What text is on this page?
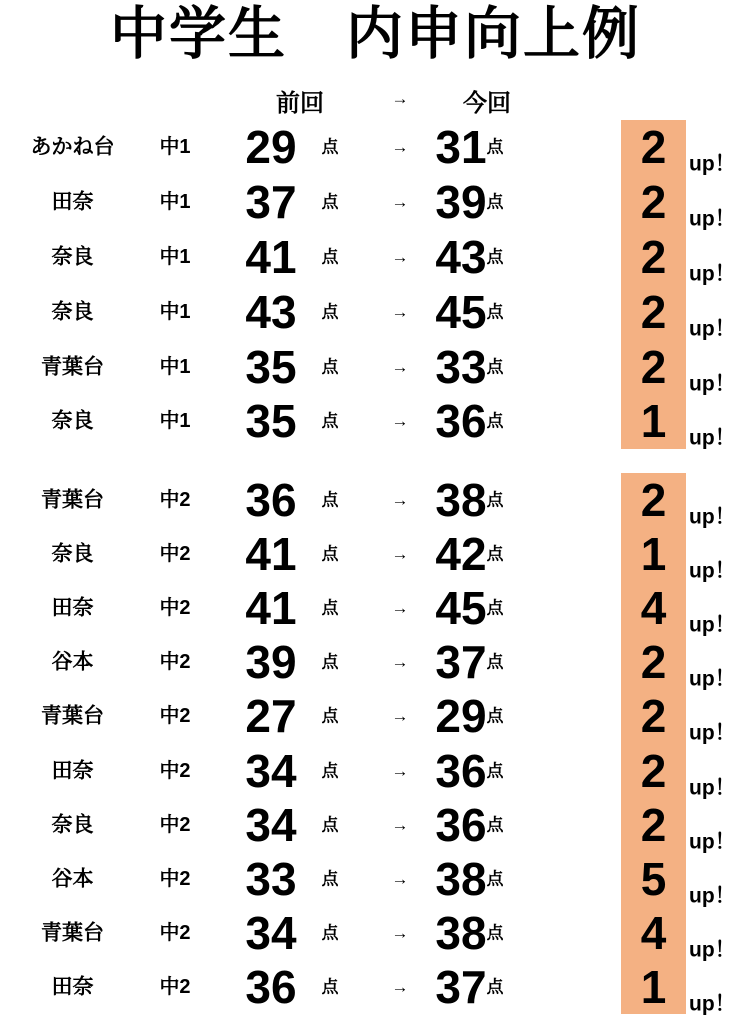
中学生　内申向上例
前回	→	今回
あかね台	中1	29	点	→ 31 点	2	up！
田奈	中1	37	点	→ 39 点	2	up！
奈良	中1	41	点	→ 43 点	2	up！
奈良	中1	43	点	→ 45 点	2	up！
青葉台	中1	35	点	→ 33 点	2	up！
奈良	中1	35	点	→ 36 点	1	up！
青葉台	中2	36	点	→ 38 点	2	up！
奈良	中2	41	点	→ 42 点	1	up！
田奈	中2	41	点	→ 45 点	4	up！
谷本	中2	39	点	→ 37 点	2	up！
青葉台	中2	27	点	→ 29 点	2	up！
田奈	中2	34	点	→ 36 点	2	up！
奈良	中2	34	点	→ 36 点	2	up！
谷本	中2	33	点	→ 38 点	5	up！
青葉台	中2	34	点	→ 38 点	4	up！
田奈	中2	36	点	→ 37 点	1	up！
